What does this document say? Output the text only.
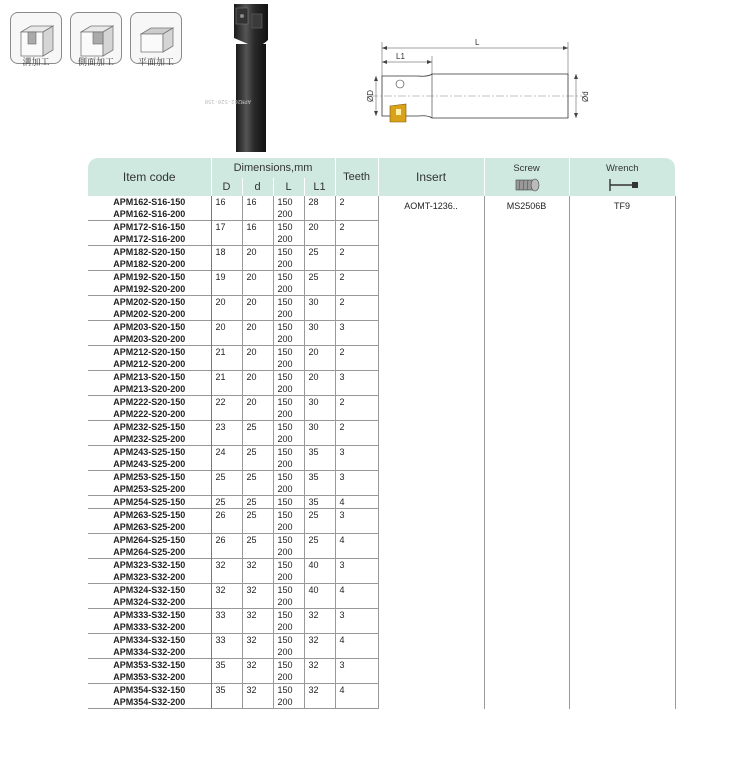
溝加工	側面加工	平面加工
APM202-S20-150
L
L1
ØD	Ød
Item code	Dimensions,mm				Teeth	Insert	Screw	Wrench

	D	d	L	L1				
APM162-S16-150	16	16	150	28	2	AOMT-1236..	MS2506B	TF9
APM162-S16-200			200					
APM172-S16-150	17	16	150	20	2			
APM172-S16-200			200					
APM182-S20-150	18	20	150	25	2			
APM182-S20-200			200					
APM192-S20-150	19	20	150	25	2			
APM192-S20-200			200					
APM202-S20-150	20	20	150	30	2			
APM202-S20-200			200					
APM203-S20-150	20	20	150	30	3			
APM203-S20-200			200					
APM212-S20-150	21	20	150	20	2			
APM212-S20-200			200					
APM213-S20-150	21	20	150	20	3			
APM213-S20-200			200					
APM222-S20-150	22	20	150	30	2			
APM222-S20-200			200					
APM232-S25-150	23	25	150	30	2			
APM232-S25-200			200					
APM243-S25-150	24	25	150	35	3			
APM243-S25-200			200					
APM253-S25-150	25	25	150	35	3			
APM253-S25-200			200					
APM254-S25-150	25	25	150	35	4			
APM263-S25-150	26	25	150	25	3			
APM263-S25-200			200					
APM264-S25-150	26	25	150	25	4			
APM264-S25-200			200					
APM323-S32-150	32	32	150	40	3			
APM323-S32-200			200					
APM324-S32-150	32	32	150	40	4			
APM324-S32-200			200					
APM333-S32-150	33	32	150	32	3			
APM333-S32-200			200					
APM334-S32-150	33	32	150	32	4			
APM334-S32-200			200					
APM353-S32-150	35	32	150	32	3			
APM353-S32-200			200					
APM354-S32-150	35	32	150	32	4			
APM354-S32-200			200					
